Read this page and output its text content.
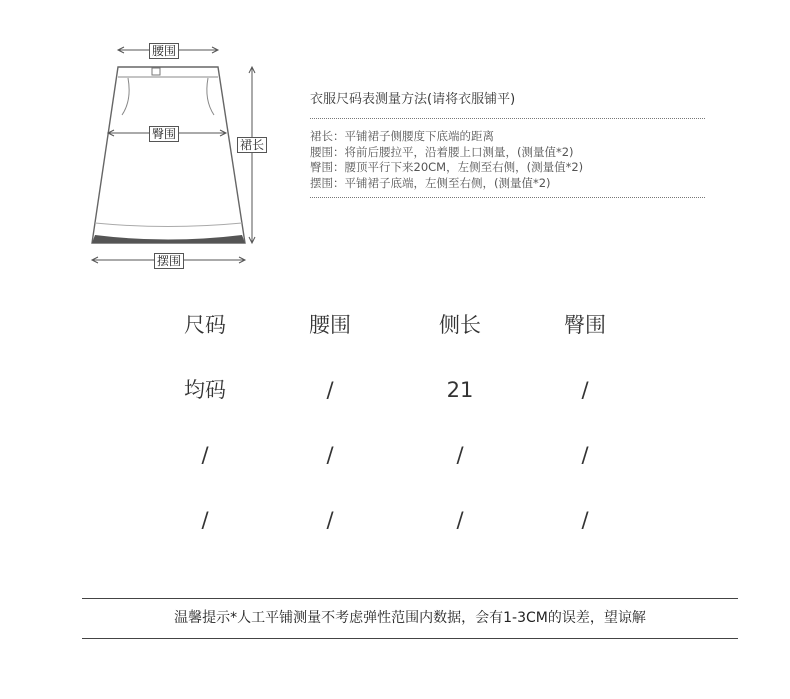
腰围
臀围
裙长
摆围
衣服尺码表测量方法(请将衣服铺平)
裙长：平铺裙子侧腰度下底端的距离
腰围：将前后腰拉平，沿着腰上口测量，(测量值*2)
臀围：腰顶平行下来20CM，左侧至右侧，(测量值*2)
摆围：平铺裙子底端，左侧至右侧，(测量值*2)
尺码	腰围	侧长	臀围
均码	/	21	/
/	/	/	/
/	/	/	/
温馨提示*人工平铺测量不考虑弹性范围内数据，会有1-3CM的误差，望谅解
